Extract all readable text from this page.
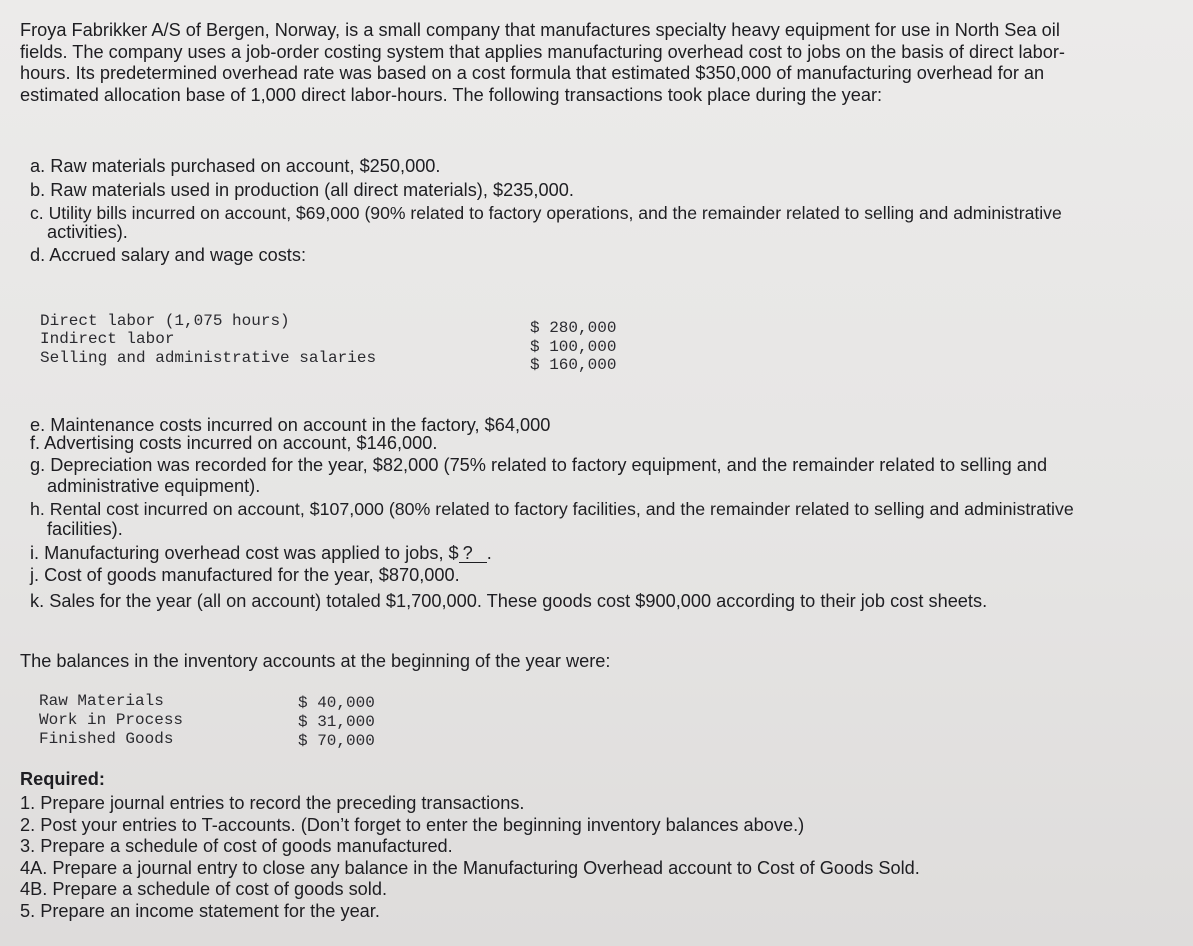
Froya Fabrikker A/S of Bergen, Norway, is a small company that manufactures specialty heavy equipment for use in North Sea oil
fields. The company uses a job-order costing system that applies manufacturing overhead cost to jobs on the basis of direct labor-
hours. Its predetermined overhead rate was based on a cost formula that estimated $350,000 of manufacturing overhead for an
estimated allocation base of 1,000 direct labor-hours. The following transactions took place during the year:
a. Raw materials purchased on account, $250,000.
b. Raw materials used in production (all direct materials), $235,000.
c. Utility bills incurred on account, $69,000 (90% related to factory operations, and the remainder related to selling and administrative
activities).
d. Accrued salary and wage costs:
Direct labor (1,075 hours)
Indirect labor
Selling and administrative salaries
$ 280,000
$ 100,000
$ 160,000
e. Maintenance costs incurred on account in the factory, $64,000
f. Advertising costs incurred on account, $146,000.
g. Depreciation was recorded for the year, $82,000 (75% related to factory equipment, and the remainder related to selling and
administrative equipment).
h. Rental cost incurred on account, $107,000 (80% related to factory facilities, and the remainder related to selling and administrative
facilities).
i. Manufacturing overhead cost was applied to jobs, $ ? .
j. Cost of goods manufactured for the year, $870,000.
k. Sales for the year (all on account) totaled $1,700,000. These goods cost $900,000 according to their job cost sheets.
The balances in the inventory accounts at the beginning of the year were:
Raw Materials
Work in Process
Finished Goods
$ 40,000
$ 31,000
$ 70,000
Required:
1. Prepare journal entries to record the preceding transactions.
2. Post your entries to T-accounts. (Don’t forget to enter the beginning inventory balances above.)
3. Prepare a schedule of cost of goods manufactured.
4A. Prepare a journal entry to close any balance in the Manufacturing Overhead account to Cost of Goods Sold.
4B. Prepare a schedule of cost of goods sold.
5. Prepare an income statement for the year.
